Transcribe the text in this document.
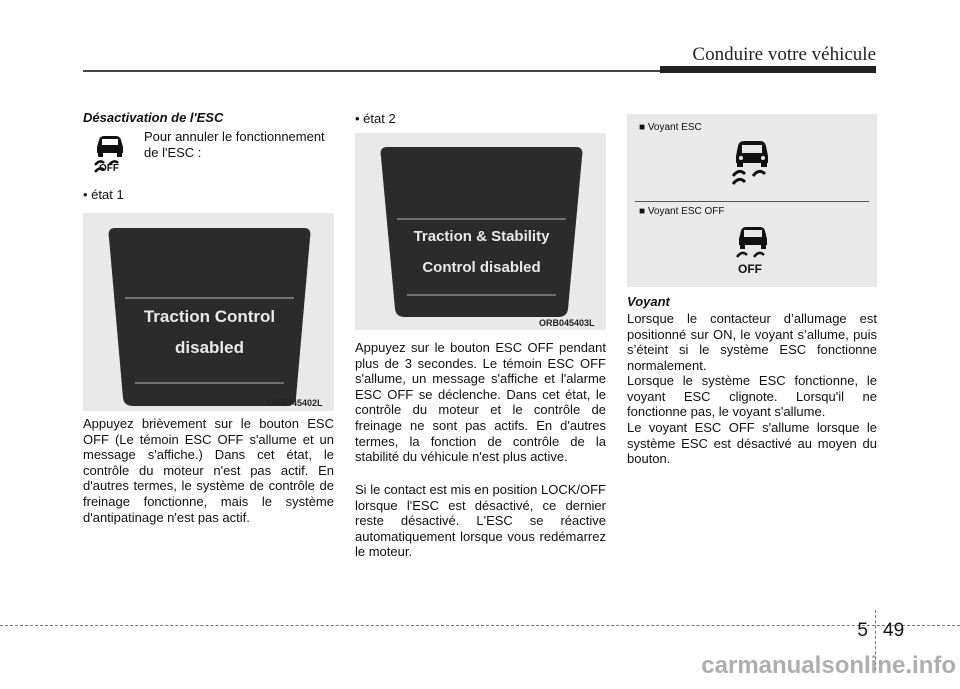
Conduire votre véhicule
Désactivation de l'ESC
OFF
Pour annuler le fonctionnement de l'ESC :
• état 1
Traction Control
disabled
ORB045402L
Appuyez brièvement sur le bouton ESC OFF (Le témoin ESC OFF s'allume et un message s'affiche.) Dans cet état, le contrôle du moteur n'est pas actif. En d'autres termes, le système de contrôle de freinage fonctionne, mais le système d'antipatinage n'est pas actif.
• état 2
Traction & Stability
Control disabled
ORB045403L
Appuyez sur le bouton ESC OFF pendant plus de 3 secondes. Le témoin ESC OFF s'allume, un message s'affiche et l'alarme ESC OFF se déclenche. Dans cet état, le contrôle du moteur et le contrôle de freinage ne sont pas actifs. En d'autres termes, la fonction de contrôle de la stabilité du véhicule n'est plus active.
Si le contact est mis en position LOCK/OFF lorsque l'ESC est désactivé, ce dernier reste désactivé. L'ESC se réactive automatiquement lorsque vous redémarrez le moteur.
■ Voyant ESC
■ Voyant ESC OFF
OFF
Voyant
Lorsque le contacteur d’allumage est positionné sur ON, le voyant s’allume, puis s’éteint si le système ESC fonctionne normalement.
Lorsque le système ESC fonctionne, le voyant ESC clignote. Lorsqu'il ne fonctionne pas, le voyant s'allume.
Le voyant ESC OFF s'allume lorsque le système ESC est désactivé au moyen du bouton.
5 49
carmanualsonline.info
